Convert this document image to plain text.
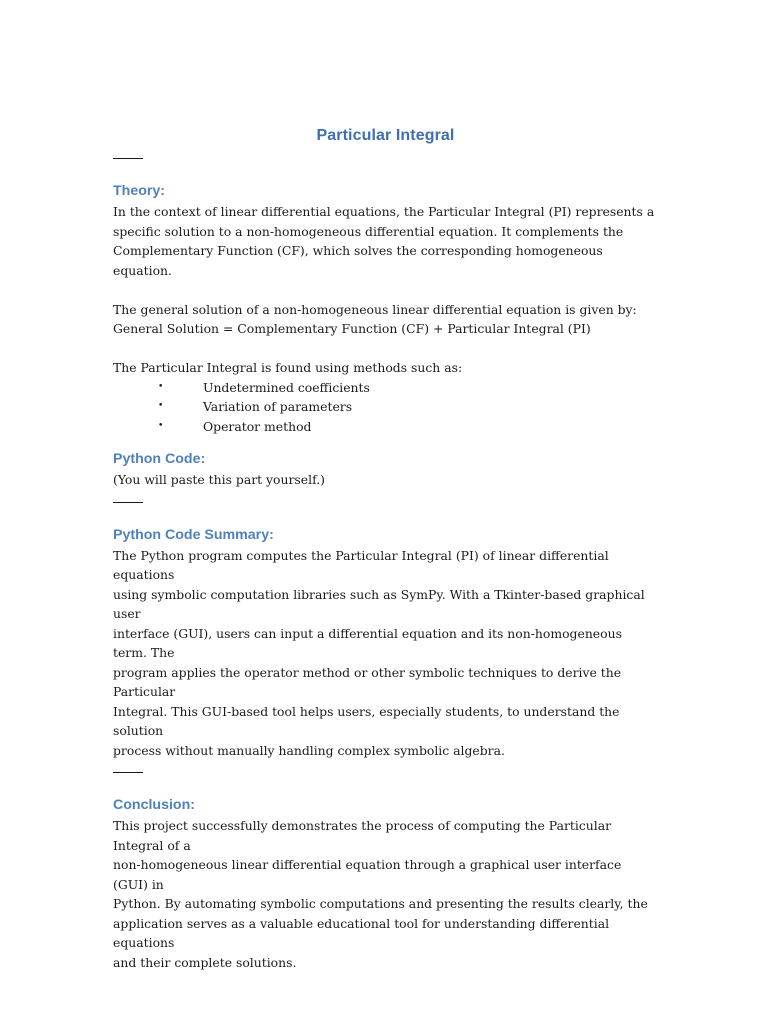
Particular Integral
Theory:

In the context of linear differential equations, the Particular Integral (PI) represents a
specific solution to a non-homogeneous differential equation. It complements the
Complementary Function (CF), which solves the corresponding homogeneous equation.

The general solution of a non-homogeneous linear differential equation is given by:
General Solution = Complementary Function (CF) + Particular Integral (PI)

The Particular Integral is found using methods such as:

•	Undetermined coefficients
•	Variation of parameters
•	Operator method
Python Code:

(You will paste this part yourself.)

Python Code Summary:

The Python program computes the Particular Integral (PI) of linear differential equations
using symbolic computation libraries such as SymPy. With a Tkinter-based graphical user
interface (GUI), users can input a differential equation and its non-homogeneous term. The
program applies the operator method or other symbolic techniques to derive the Particular
Integral. This GUI-based tool helps users, especially students, to understand the solution
process without manually handling complex symbolic algebra.

Conclusion:

This project successfully demonstrates the process of computing the Particular Integral of a
non-homogeneous linear differential equation through a graphical user interface (GUI) in
Python. By automating symbolic computations and presenting the results clearly, the
application serves as a valuable educational tool for understanding differential equations
and their complete solutions.
